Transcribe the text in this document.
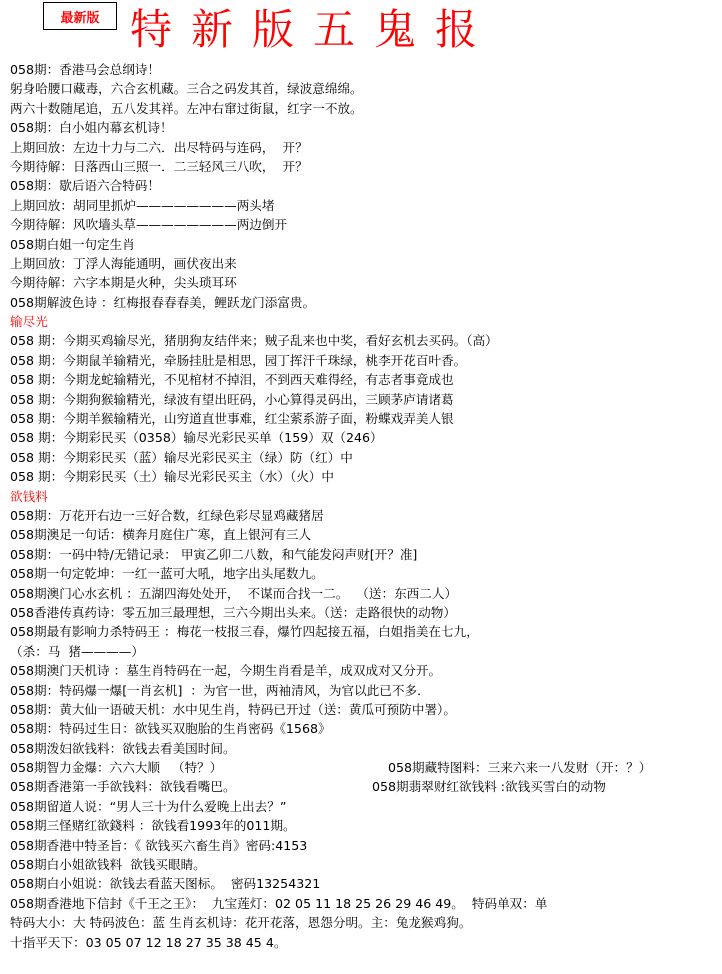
最新版 特新版五鬼报
058期：香港马会总纲诗！
躬身哈腰口藏毒，六合玄机藏。三合之码发其首，绿波意绵绵。
两六十数随尾追，五八发其祥。左冲右窜过街鼠，红字一不放。
058期：白小姐内幕玄机诗！
上期回放：左边十力与二六．出尽特码与连码，  开？
今期待解：日落西山三照一．二三轻风三八吹，  开？
058期：歇后语六合特码！
上期回放：胡同里抓炉————————两头堵
今期待解：风吹墙头草————————两边倒开
058期白姐一句定生肖
上期回放：丁浮人海能通明，画伏夜出来
今期待解：六字本期是火种，尖头琐耳环
058期解波色诗 ：红梅报春春春美，鲤跃龙门添富贵。
输尽光
058 期：今期买鸡输尽光，猪朋狗友结伴来；贼子乱来也中奖，看好玄机去买码。（高）
058 期：今期鼠羊输精光，牵肠挂肚是相思，园丁挥汗千珠绿，桃李开花百叶香。
058 期：今期龙蛇输精光，不见棺材不掉泪，不到西天难得经，有志者事竟成也
058 期：今期狗猴输精光，绿波有望出旺码，小心算得灵码出，三顾茅庐请诸葛
058 期：今期羊猴输精光，山穷道直世事难，红尘萦系游子面，粉蝶戏弄美人银
058 期：今期彩民买（0358）输尽光彩民买单（159）双（246）
058 期：今期彩民买（蓝）输尽光彩民买主（绿）防（红）中
058 期：今期彩民买（土）输尽光彩民买主（水）（火）中
欲钱料
058期：万花开右边一三好合数，红绿色彩尽显鸡藏猪居
058期澳足一句话：横奔月庭住广寒，直上银河有三人
058期：一码中特/无错记录： 甲寅乙卯二八数，和气能发闷声财[开？准]
058期一句定乾坤：一红一蓝可大吼，地字出头尾数九。
058期澳门心水玄机 ：五湖四海处处开，  不谋而合找一二。  （送：东西二人）
058香港传真药诗：零五加三最理想，三六今期出头来。（送：走路很快的动物）
058期最有影响力杀特码王 ：梅花一枝报三春，爆竹四起接五福，白姐指美在七九，
（杀：马  猪————）
058期澳门天机诗 ：墓生肖特码在一起，今期生肖看是羊，成双成对又分开。
058期：特码爆一爆[一肖玄机]  ：为官一世，两袖清风，为官以此已不多．
058期：黄大仙一语破天机：水中见生肖，特码已开过（送：黄瓜可预防中署）。
058期：特码过生日：欲钱买双胞胎的生肖密码《1568》
058期泼妇欲钱料：欲钱去看美国时间。
058期智力金爆：六六大顺   （特？）	058期藏特图料：三来六来一八发财（开：？）
058期香港第一手欲钱料：欲钱看嘴巴。	058期翡翠财红欲钱料 :欲钱买雪白的动物
058期留道人说：“男人三十为什么爱晚上出去？”
058期三怪赌红欲錢料 ：欲钱看1993年的011期。
058期香港中特圣旨：《 欲钱买六畜生肖》密码:4153
058期白小姐欲钱料  欲钱买眼睛。
058期白小姐说：欲钱去看蓝天图标。  密码13254321
058期香港地下信封《千王之王》：  九宝莲灯：02 05 11 18 25 26 29 46 49。  特码单双：单
特码大小：大 特码波色：蓝 生肖玄机诗：花开花落，恩怨分明。主：兔龙猴鸡狗。
十指平天下：03 05 07 12 18 27 35 38 45 4。
